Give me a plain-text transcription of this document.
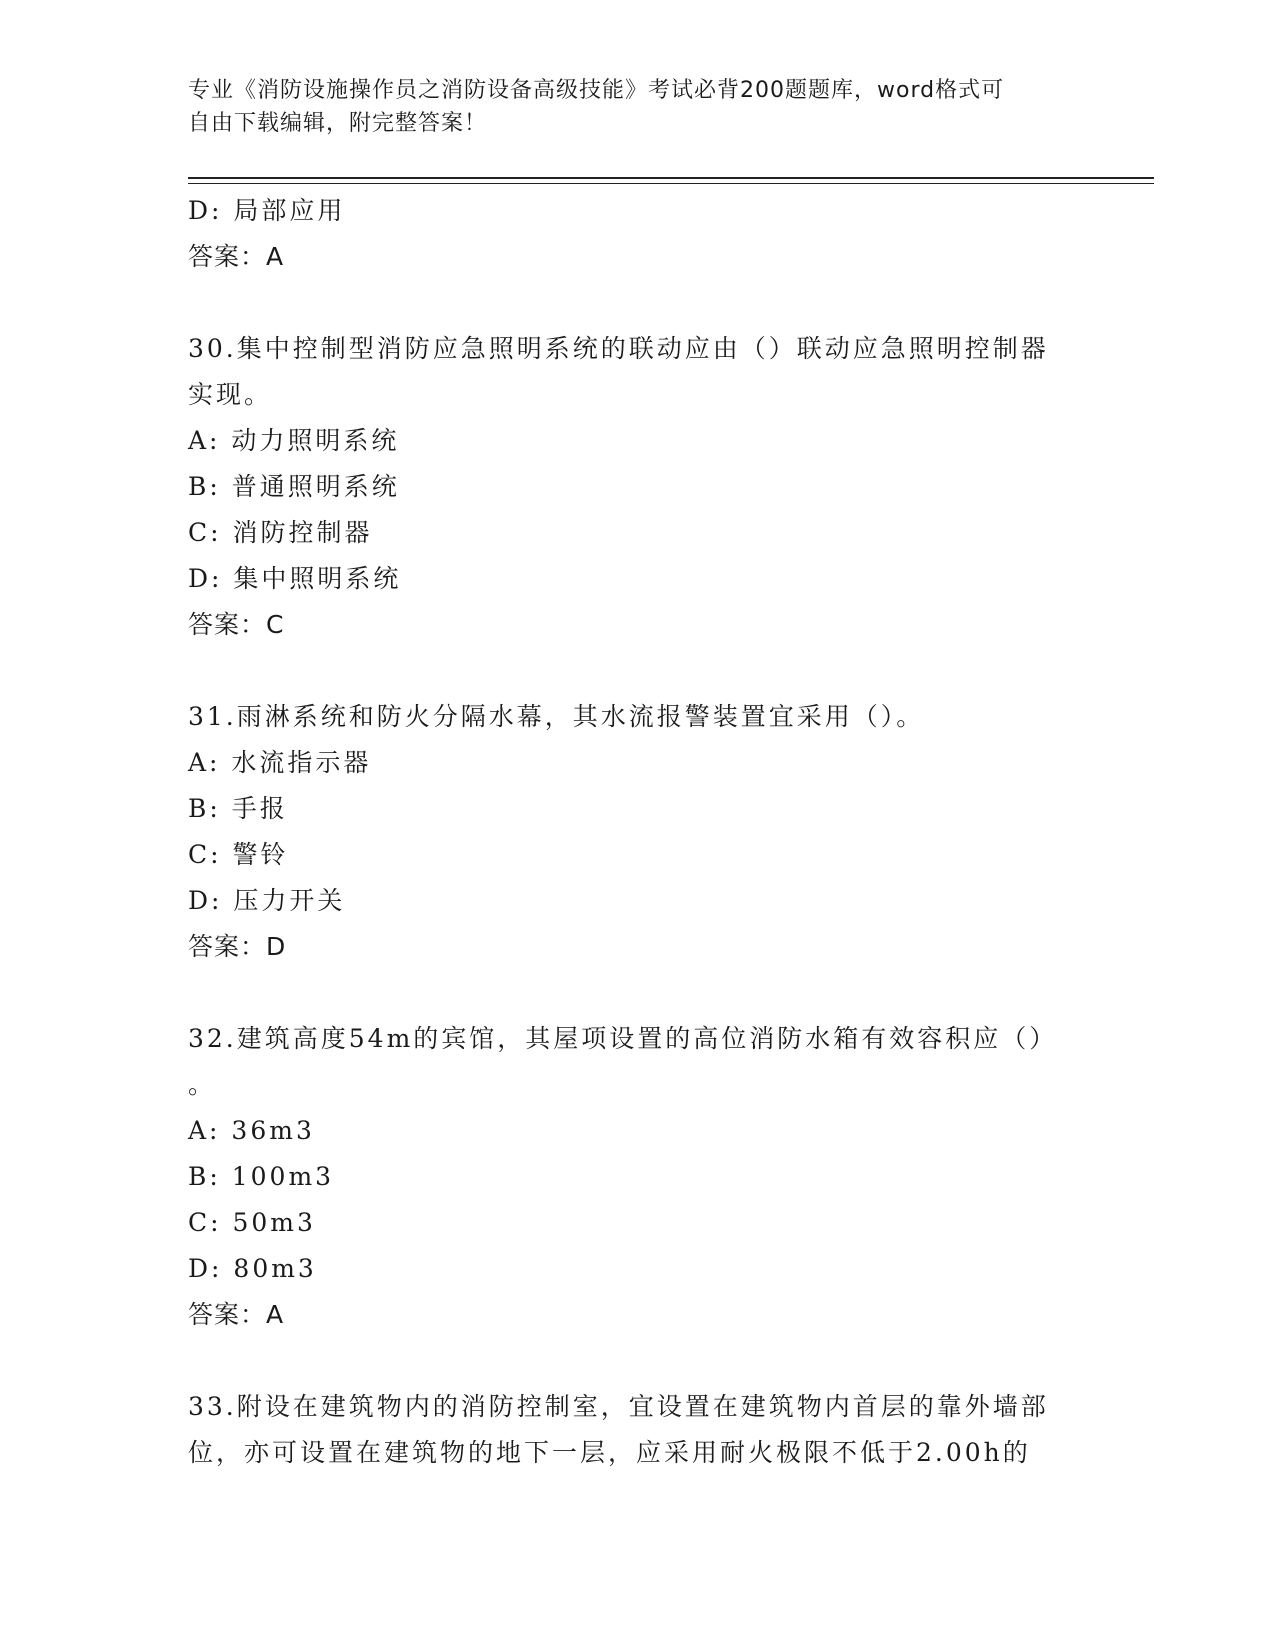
专业《消防设施操作员之消防设备高级技能》考试必背200题题库，word格式可
自由下载编辑，附完整答案！
D: 局部应用
答案：A
30.集中控制型消防应急照明系统的联动应由（）联动应急照明控制器
实现。
A: 动力照明系统
B: 普通照明系统
C: 消防控制器
D: 集中照明系统
答案：C
31.雨淋系统和防火分隔水幕，其水流报警装置宜采用（）。
A: 水流指示器
B: 手报
C: 警铃
D: 压力开关
答案：D
32.建筑高度54m的宾馆，其屋项设置的高位消防水箱有效容积应（）
。
A: 36m3
B: 100m3
C: 50m3
D: 80m3
答案：A
33.附设在建筑物内的消防控制室，宜设置在建筑物内首层的靠外墙部
位，亦可设置在建筑物的地下一层，应采用耐火极限不低于2.00h的
